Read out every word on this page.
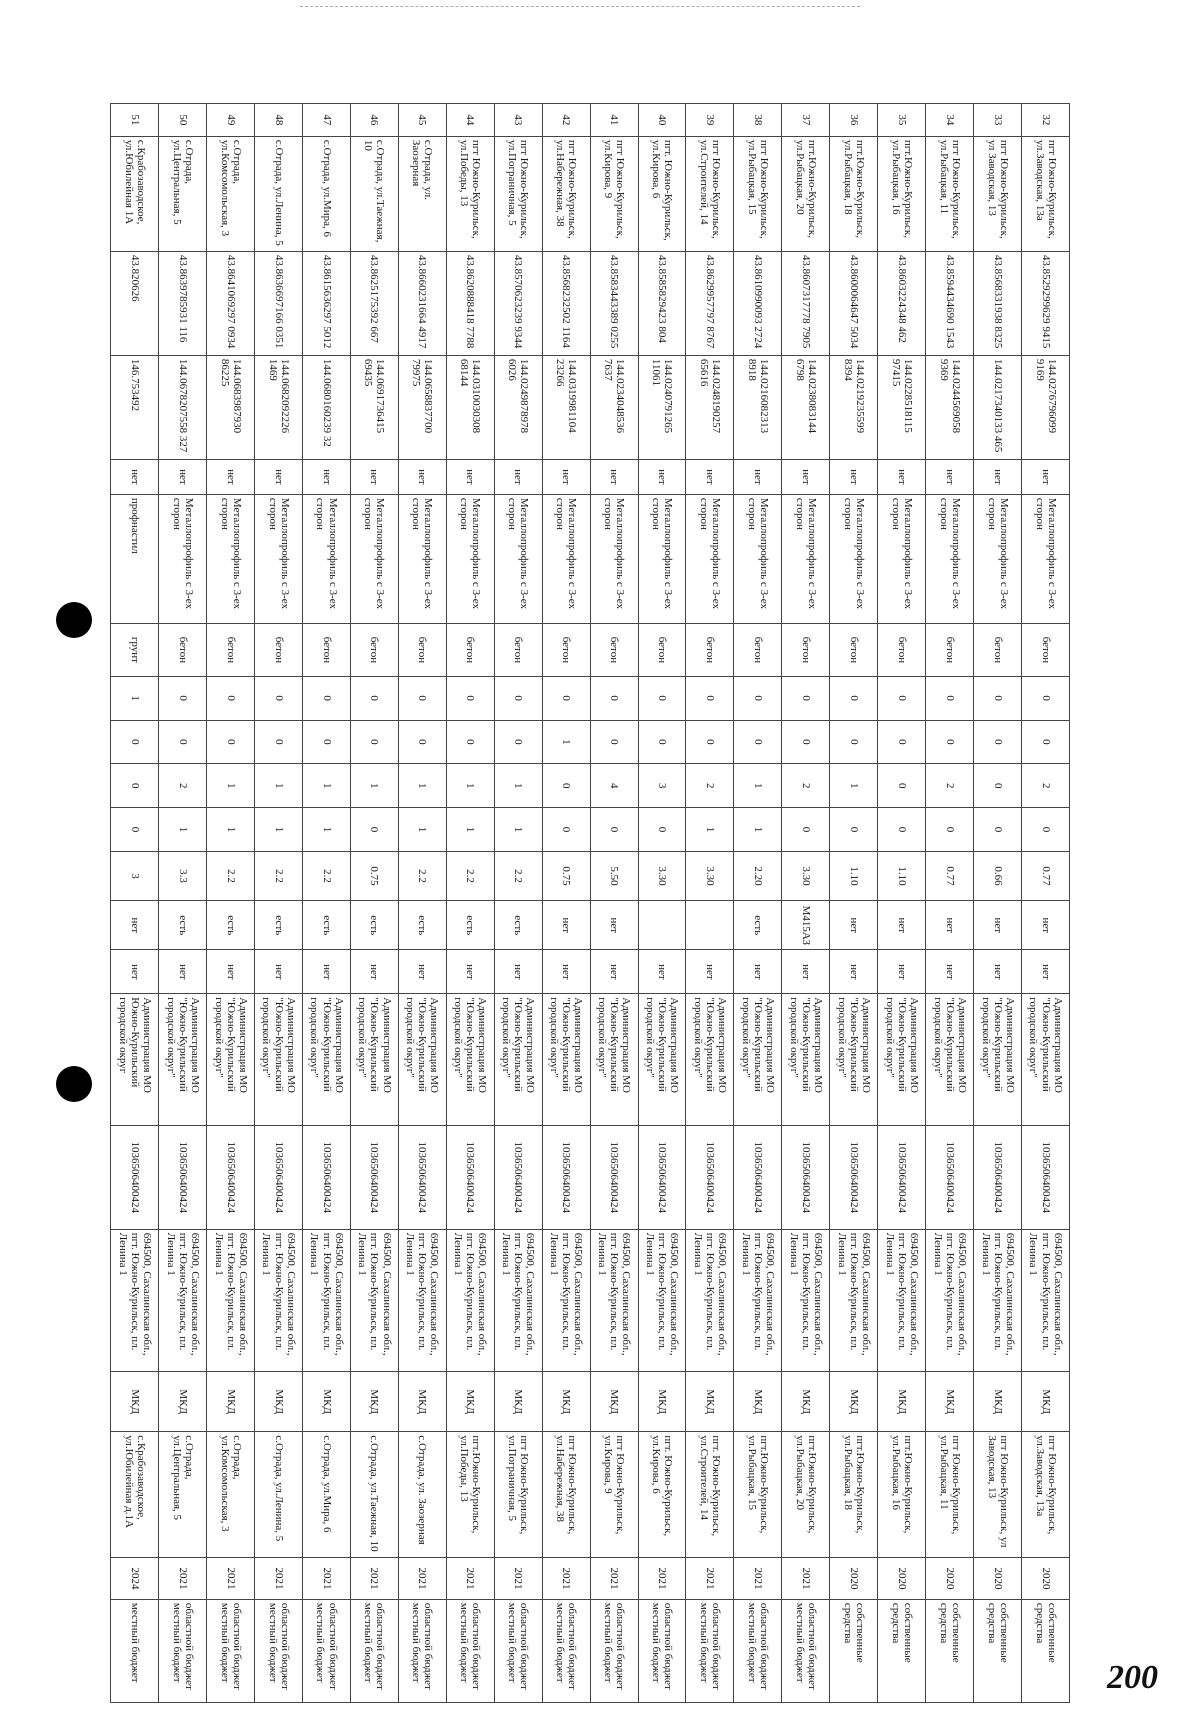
32	пгт Южно-Курильск, ул.Заводская, 13а	43.8529299629 9415	144.0276796099 9169	нет	Металлопрофиль с 3-ех сторон	бетон	0	0	2	0	0.77	нет	нет	Администрация МО "Южно-Курильский городской округ"	1036506400424	694500, Сахалинская обл., пгт. Южно-Курильск, пл. Ленина 1	МКД	пгт Южно-Курильск, ул.Заводская, 13а	2020	собственные средства
33	пгт Южно-Курильск, ул Заводская, 13	43.8568331938 8325	144.0217340133 465	нет	Металлопрофиль с 3-ех сторон	бетон	0	0	0	0	0.66	нет	нет	Администрация МО "Южно-Курильский городской округ"	1036506400424	694500, Сахалинская обл., пгт. Южно-Курильск, пл. Ленина 1	МКД	пгт Южно-Курильск, ул Заводская, 13	2020	собственные средства
34	пгт Южно-Курильск, ул.Рыбацкая, 11	43.8594434690 1543	144.0244569058 9369	нет	Металлопрофиль с 3-ех сторон	бетон	0	0	2	0	0.77	нет	нет	Администрация МО "Южно-Курильский городской округ"	1036506400424	694500, Сахалинская обл., пгт. Южно-Курильск, пл. Ленина 1	МКД	пгт Южно-Курильск, ул.Рыбацкая, 11	2020	собственные средства
35	пгт.Южно-Курильск, ул.Рыбацкая, 16	43.8603224348 462	144.0228518115 97415	нет	Металлопрофиль с 3-ех сторон	бетон	0	0	0	0	1.10	нет	нет	Администрация МО "Южно-Курильский городской округ"	1036506400424	694500, Сахалинская обл., пгт. Южно-Курильск, пл. Ленина 1	МКД	пгт.Южно-Курильск, ул.Рыбацкая, 16	2020	собственные средства
36	пгт.Южно-Курильск, ул.Рыбацкая, 18	43.8600064647 5034	144.0219235599 8394	нет	Металлопрофиль с 3-ех сторон	бетон	0	0	1	0	1.10	нет	нет	Администрация МО "Южно-Курильский городской округ"	1036506400424	694500, Сахалинская обл., пгт. Южно-Курильск, пл. Ленина 1	МКД	пгт.Южно-Курильск, ул.Рыбацкая, 18	2020	собственные средства
37	пгт.Южно-Курильск, ул.Рыбацкая, 20	43.8607317778 7905	144.0238083144 6798	нет	Металлопрофиль с 3-ех сторон	бетон	0	0	2	0	3.30	М415АЗ	нет	Администрация МО "Южно-Курильский городской округ"	1036506400424	694500, Сахалинская обл., пгт. Южно-Курильск, пл. Ленина 1	МКД	пгт.Южно-Курильск, ул.Рыбацкая, 20	2021	областной бюджет местный бюджет
38	пгт Южно-Курильск, ул.Рыбацкая, 15	43.8610990093 2724	144.0216082313 8918	нет	Металлопрофиль с 3-ех сторон	бетон	0	0	1	1	2.20	есть	нет	Администрация МО "Южно-Курильский городской округ"	1036506400424	694500, Сахалинская обл., пгт. Южно-Курильск, пл. Ленина 1	МКД	пгт.Южно-Курильск, ул.Рыбацкая, 15	2021	областной бюджет местный бюджет
39	пгт Южно-Курильск, ул.Строителей, 14	43.8629957797 8767	144.0248190257 65616	нет	Металлопрофиль с 3-ех сторон	бетон	0	0	2	1	3.30		нет	Администрация МО "Южно-Курильский городской округ"	1036506400424	694500, Сахалинская обл., пгт. Южно-Курильск, пл. Ленина 1	МКД	пгт. Южно-Курильск, ул.Строителей, 14	2021	областной бюджет местный бюджет
40	пгт. Южно-Курильск, ул.Кирова, 6	43.8585829423 804	144.0240791265 11061	нет	Металлопрофиль с 3-ех сторон	бетон	0	0	3	0	3.30		нет	Администрация МО "Южно-Курильский городской округ"	1036506400424	694500, Сахалинская обл., пгт. Южно-Курильск, пл. Ленина 1	МКД	пгт. Южно-Курильск, ул.Кирова, 6	2021	областной бюджет местный бюджет
41	пгт Южно-Курильск, ул.Кирова, 9	43.8583443389 0255	144.0234048536 7637	нет	Металлопрофиль с 3-ех сторон	бетон	0	0	4	0	5.50	нет	нет	Администрация МО "Южно-Курильский городской округ"	1036506400424	694500, Сахалинская обл., пгт. Южно-Курильск, пл. Ленина 1	МКД	пгт Южно-Курильск, ул.Кирова, 9	2021	областной бюджет местный бюджет
42	пгт Южно-Курильск, ул.Набережная, 38	43.8568232502 1164	144.0319981104 23266	нет	Металлопрофиль с 3-ех сторон	бетон	0	1	0	0	0.75	нет	нет	Администрация МО "Южно-Курильский городской округ"	1036506400424	694500, Сахалинская обл., пгт. Южно-Курильск, пл. Ленина 1	МКД	пгт Южно-Курильск, ул.Набережная, 38	2021	областной бюджет местный бюджет
43	пгт Южно-Курильск, ул.Пограничная, 5	43.8570623239 9344	144.0249878978 6026	нет	Металлопрофиль с 3-ех сторон	бетон	0	0	1	1	2.2	есть	нет	Администрация МО "Южно-Курильский городской округ"	1036506400424	694500, Сахалинская обл., пгт. Южно-Курильск, пл. Ленина 1	МКД	пгт Южно-Курильск, ул.Пограничная, 5	2021	областной бюджет местный бюджет
44	пгт Южно-Курильск, ул.Победы, 13	43.8620888418 7788	144.0310030308 68144	нет	Металлопрофиль с 3-ех сторон	бетон	0	0	1	1	2.2	есть	нет	Администрация МО "Южно-Курильский городской округ"	1036506400424	694500, Сахалинская обл., пгт. Южно-Курильск, пл. Ленина 1	МКД	пгт.Южно-Курильск, ул.Победы, 13	2021	областной бюджет местный бюджет
45	с.Отрада, ул. Заозерная	43.8660231664 4917	144.0658837700 79975	нет	Металлопрофиль с 3-ех сторон	бетон	0	0	1	1	2.2	есть	нет	Администрация МО "Южно-Курильский городской округ"	1036506400424	694500, Сахалинская обл., пгт. Южно-Курильск, пл. Ленина 1	МКД	с.Отрада, ул. Заозерная	2021	областной бюджет местный бюджет
46	с.Отрада, ул.Таежная, 10	43.8625175392 667	144.0691736415 69435	нет	Металлопрофиль с 3-ех сторон	бетон	0	0	1	0	0.75	есть	нет	Администрация МО "Южно-Курильский городской округ"	1036506400424	694500, Сахалинская обл., пгт. Южно-Курильск, пл. Ленина 1	МКД	с.Отрада, ул.Таежная, 10	2021	областной бюджет местный бюджет
47	с.Отрада, ул.Мира, 6	43.8615636297 5012	144.0680160239 32	нет	Металлопрофиль с 3-ех сторон	бетон	0	0	1	1	2.2	есть	нет	Администрация МО "Южно-Курильский городской округ"	1036506400424	694500, Сахалинская обл., пгт. Южно-Курильск, пл. Ленина 1	МКД	с.Отрада, ул.Мира, 6	2021	областной бюджет местный бюджет
48	с.Отрада, ул.Ленина, 5	43.8636697166 0351	144.0682092226 1469	нет	Металлопрофиль с 3-ех сторон	бетон	0	0	1	1	2.2	есть	нет	Администрация МО "Южно-Курильский городской округ"	1036506400424	694500, Сахалинская обл., пгт. Южно-Курильск, пл. Ленина 1	МКД	с.Отрада, ул.Ленина, 5	2021	областной бюджет местный бюджет
49	с.Отрада, ул.Комсомольская, 3	43.8641069297 0934	144.0683987930 86225	нет	Металлопрофиль с 3-ех сторон	бетон	0	0	1	1	2.2	есть	нет	Администрация МО "Южно-Курильский городской округ"	1036506400424	694500, Сахалинская обл., пгт. Южно-Курильск, пл. Ленина 1	МКД	с.Отрада, ул.Комсомольская, 3	2021	областной бюджет местный бюджет
50	с.Отрада, ул.Центральная, 5	43.8639785931 116	144.0678207558 327	нет	Металлопрофиль с 3-ех сторон	бетон	0	0	2	1	3.3	есть	нет	Администрация МО "Южно-Курильский городской округ"	1036506400424	694500, Сахалинская обл., пгт. Южно-Курильск, пл. Ленина 1	МКД	с.Отрада, ул.Центральная, 5	2021	областной бюджет местный бюджет
51	с.Крабозаводское, ул.Юбилейная 1А	43.820626	146.753492	нет	профнастил	грунт	1	0	0	0	3	нет	нет	Администрация МО Южно-Курильский городской округ	1036506400424	694500, Сахалинская обл., пгт. Южно-Курильск, пл. Ленина 1	МКД	с.Крабозаводское, ул.Юбилейная д.1А	2024	местный бюджет	200
